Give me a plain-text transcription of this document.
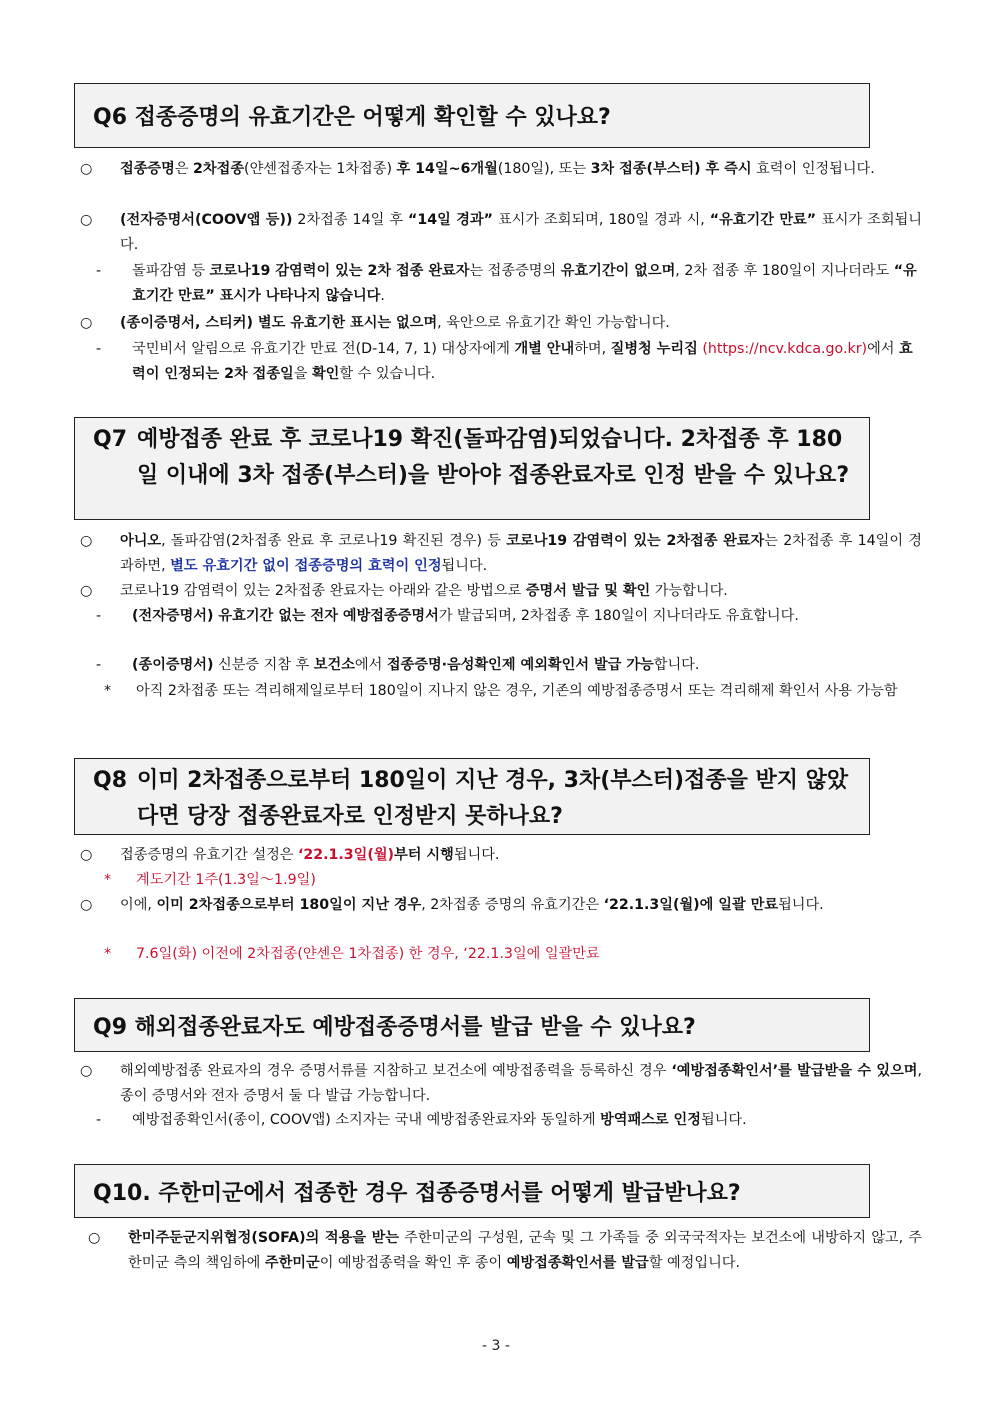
Q6 접종증명의 유효기간은 어떻게 확인할 수 있나요?
○	접종증명은 2차접종(얀센접종자는 1차접종) 후 14일~6개월(180일), 또는 3차 접종(부스터) 후 즉시 효력이 인정됩니다.
○	(전자증명서(COOV앱 등)) 2차접종 14일 후 “14일 경과” 표시가 조회되며, 180일 경과 시, “유효기간 만료” 표시가 조회됩니다.
-	돌파감염 등 코로나19 감염력이 있는 2차 접종 완료자는 접종증명의 유효기간이 없으며, 2차 접종 후 180일이 지나더라도 “유효기간 만료” 표시가 나타나지 않습니다.
○	(종이증명서, 스티커) 별도 유효기한 표시는 없으며, 육안으로 유효기간 확인 가능합니다.
-	국민비서 알림으로 유효기간 만료 전(D-14, 7, 1) 대상자에게 개별 안내하며, 질병청 누리집 (https://ncv.kdca.go.kr)에서 효력이 인정되는 2차 접종일을 확인할 수 있습니다.
Q7 예방접종 완료 후 코로나19 확진(돌파감염)되었습니다. 2차접종 후 180일 이내에 3차 접종(부스터)을 받아야 접종완료자로 인정 받을 수 있나요?
○	아니오, 돌파감염(2차접종 완료 후 코로나19 확진된 경우) 등 코로나19 감염력이 있는 2차접종 완료자는 2차접종 후 14일이 경과하면, 별도 유효기간 없이 접종증명의 효력이 인정됩니다.
○	코로나19 감염력이 있는 2차접종 완료자는 아래와 같은 방법으로 증명서 발급 및 확인 가능합니다.
-	(전자증명서) 유효기간 없는 전자 예방접종증명서가 발급되며, 2차접종 후 180일이 지나더라도 유효합니다.
-	(종이증명서) 신분증 지참 후 보건소에서 접종증명·음성확인제 예외확인서 발급 가능합니다.
*	아직 2차접종 또는 격리해제일로부터 180일이 지나지 않은 경우, 기존의 예방접종증명서 또는 격리해제 확인서 사용 가능함
Q8 이미 2차접종으로부터 180일이 지난 경우, 3차(부스터)접종을 받지 않았다면 당장 접종완료자로 인정받지 못하나요?
○	접종증명의 유효기간 설정은 ‘22.1.3일(월)부터 시행됩니다.
*	계도기간 1주(1.3일～1.9일)
○	이에, 이미 2차접종으로부터 180일이 지난 경우, 2차접종 증명의 유효기간은 ‘22.1.3일(월)에 일괄 만료됩니다.
*	7.6일(화) 이전에 2차접종(얀센은 1차접종) 한 경우, ‘22.1.3일에 일괄만료
Q9 해외접종완료자도 예방접종증명서를 발급 받을 수 있나요?
○	해외예방접종 완료자의 경우 증명서류를 지참하고 보건소에 예방접종력을 등록하신 경우 ‘예방접종확인서’를 발급받을 수 있으며, 종이 증명서와 전자 증명서 둘 다 발급 가능합니다.
-	예방접종확인서(종이, COOV앱) 소지자는 국내 예방접종완료자와 동일하게 방역패스로 인정됩니다.
Q10. 주한미군에서 접종한 경우 접종증명서를 어떻게 발급받나요?
○	한미주둔군지위협정(SOFA)의 적용을 받는 주한미군의 구성원, 군속 및 그 가족들 중 외국국적자는 보건소에 내방하지 않고, 주한미군 측의 책임하에 주한미군이 예방접종력을 확인 후 종이 예방접종확인서를 발급할 예정입니다.
- 3 -
